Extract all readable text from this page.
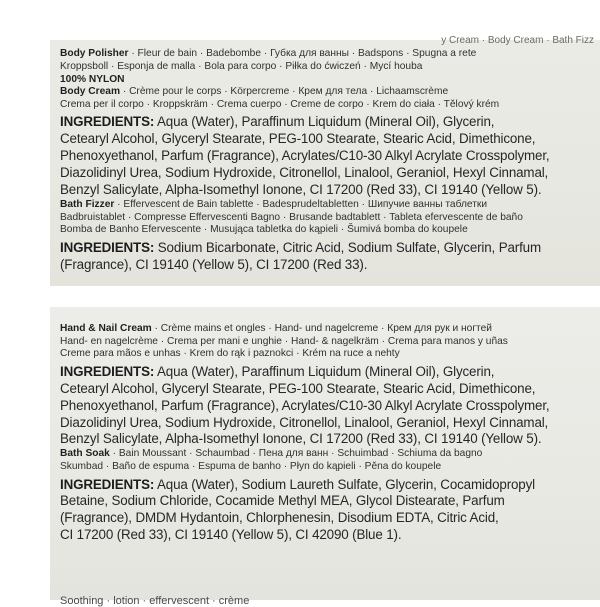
y Cream · Body Cream · Bath Fizz

Body Polisher · Fleur de bain · Badebombe · Губка для ванны · Badspons · Spugna a rete

Kroppsboll · Esponja de malla · Bola para corpo · Piłka do ćwiczeń · Mycí houba

100% NYLON

Body Cream · Crème pour le corps · Körpercreme · Крем для тела · Lichaamscrème

Crema per il corpo · Kroppskräm · Crema cuerpo · Creme de corpo · Krem do ciała · Tělový krém

INGREDIENTS: Aqua (Water), Paraffinum Liquidum (Mineral Oil), Glycerin,

Cetearyl Alcohol, Glyceryl Stearate, PEG-100 Stearate, Stearic Acid, Dimethicone,

Phenoxyethanol, Parfum (Fragrance), Acrylates/C10-30 Alkyl Acrylate Crosspolymer,

Diazolidinyl Urea, Sodium Hydroxide, Citronellol, Linalool, Geraniol, Hexyl Cinnamal,

Benzyl Salicylate, Alpha-Isomethyl Ionone, CI 17200 (Red 33), CI 19140 (Yellow 5).

Bath Fizzer · Effervescent de Bain tablette · Badesprudeltabletten · Шипучие ванны таблетки

Badbruistablet · Compresse Effervescenti Bagno · Brusande badtablett · Tableta efervescente de baño

Bomba de Banho Efervescente · Musująca tabletka do kąpieli · Šumivá bomba do koupele

INGREDIENTS: Sodium Bicarbonate, Citric Acid, Sodium Sulfate, Glycerin, Parfum

(Fragrance), CI 19140 (Yellow 5), CI 17200 (Red 33).

Hand & Nail Cream · Crème mains et ongles · Hand- und nagelcreme · Крем для рук и ногтей

Hand- en nagelcrème · Crema per mani e unghie · Hand- & nagelkräm · Crema para manos y uñas

Creme para mãos e unhas · Krem do rąk i paznokci · Krém na ruce a nehty

INGREDIENTS: Aqua (Water), Paraffinum Liquidum (Mineral Oil), Glycerin,

Cetearyl Alcohol, Glyceryl Stearate, PEG-100 Stearate, Stearic Acid, Dimethicone,

Phenoxyethanol, Parfum (Fragrance), Acrylates/C10-30 Alkyl Acrylate Crosspolymer,

Diazolidinyl Urea, Sodium Hydroxide, Citronellol, Linalool, Geraniol, Hexyl Cinnamal,

Benzyl Salicylate, Alpha-Isomethyl Ionone, CI 17200 (Red 33), CI 19140 (Yellow 5).

Bath Soak · Bain Moussant · Schaumbad · Пена для ванн · Schuimbad · Schiuma da bagno

Skumbad · Baño de espuma · Espuma de banho · Płyn do kąpieli · Pěna do koupele

INGREDIENTS: Aqua (Water), Sodium Laureth Sulfate, Glycerin, Cocamidopropyl

Betaine, Sodium Chloride, Cocamide Methyl MEA, Glycol Distearate, Parfum

(Fragrance), DMDM Hydantoin, Chlorphenesin, Disodium EDTA, Citric Acid,

CI 17200 (Red 33), CI 19140 (Yellow 5), CI 42090 (Blue 1).

Soothing · lotion · effervescent · crème
